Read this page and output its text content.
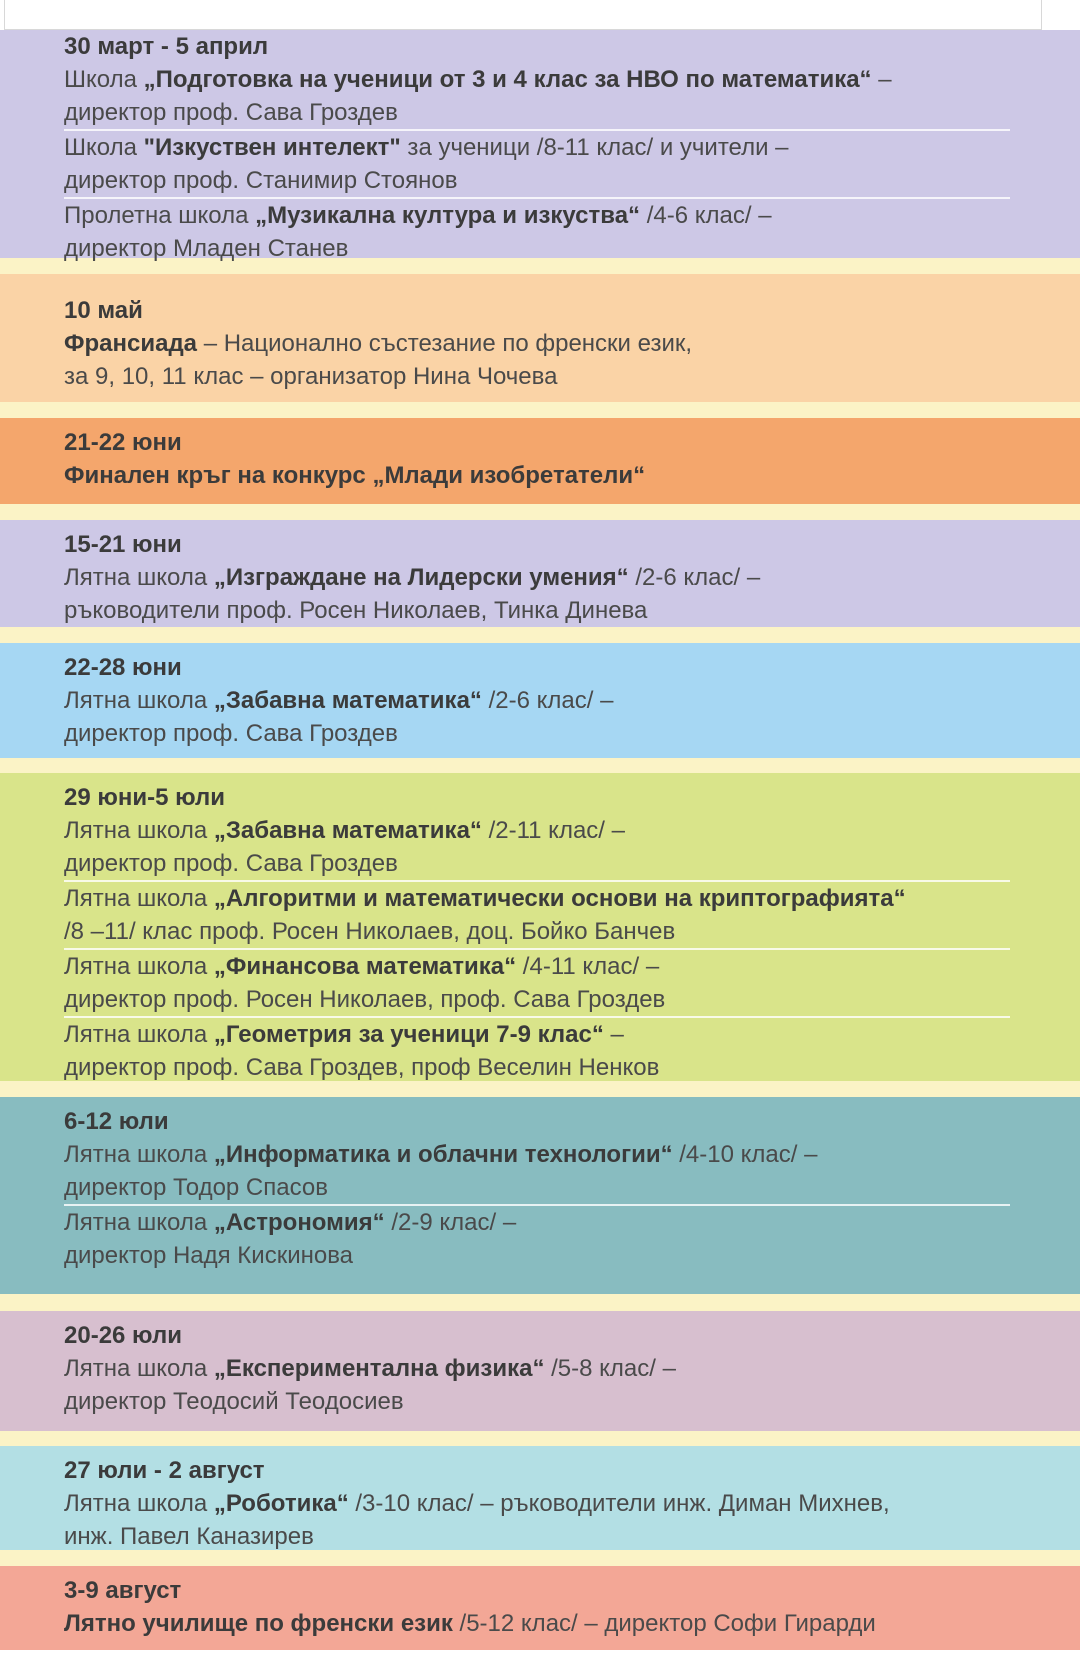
30 март - 5 април
Школа „Подготовка на ученици от 3 и 4 клас за НВО по математика“ –
директор проф. Сава Гроздев
Школа "Изкуствен интелект" за ученици /8-11 клас/ и учители –
директор проф. Станимир Стоянов
Пролетна школа „Музикална култура и изкуства“ /4-6 клас/ –
директор Младен Станев
10 май
Франсиада – Национално състезание по френски език,
за 9, 10, 11 клас – организатор Нина Чочева
21-22 юни
Финален кръг на конкурс „Млади изобретатели“
15-21 юни
Лятна школа „Изграждане на Лидерски умения“ /2-6 клас/ –
ръководители проф. Росен Николаев, Тинка Динева
22-28 юни
Лятна школа „Забавна математика“ /2-6 клас/ –
директор проф. Сава Гроздев
29 юни-5 юли
Лятна школа „Забавна математика“ /2-11 клас/ –
директор проф. Сава Гроздев
Лятна школа „Алгоритми и математически основи на криптографията“
/8 –11/ клас проф. Росен Николаев, доц. Бойко Банчев
Лятна школа „Финансова математика“ /4-11 клас/ –
директор проф. Росен Николаев, проф. Сава Гроздев
Лятна школа „Геометрия за ученици 7-9 клас“ –
директор проф. Сава Гроздев, проф Веселин Ненков
6-12 юли
Лятна школа „Информатика и облачни технологии“ /4-10 клас/ –
директор Тодор Спасов
Лятна школа „Астрономия“ /2-9 клас/ –
директор Надя Кискинова
20-26 юли
Лятна школа „Експериментална физика“ /5-8 клас/ –
директор Теодосий Теодосиев
27 юли - 2 август
Лятна школа „Роботика“ /3-10 клас/ – ръководители инж. Диман Михнев,
инж. Павел Каназирев
3-9 август
Лятно училище по френски език /5-12 клас/ – директор Софи Гирарди
